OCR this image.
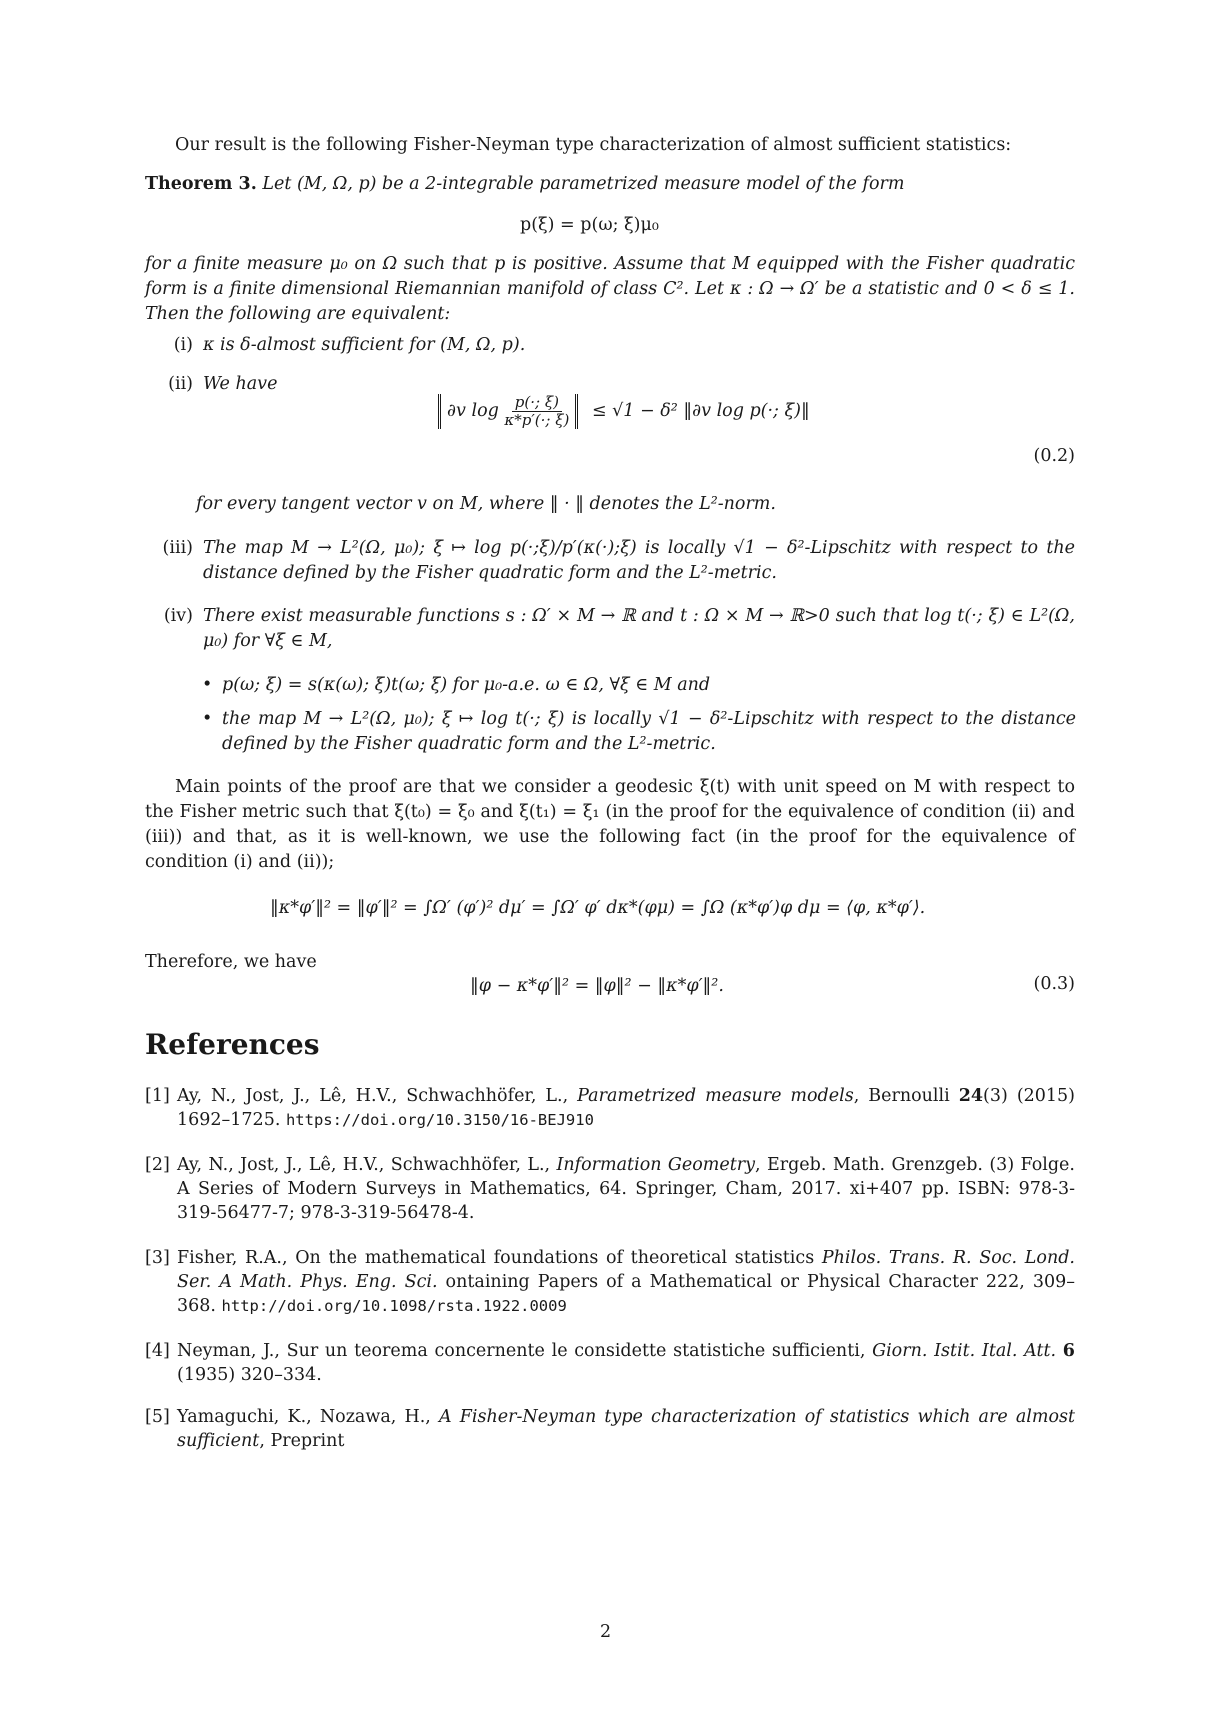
Our result is the following Fisher-Neyman type characterization of almost sufficient statistics:
Theorem 3. Let (M, Ω, p) be a 2-integrable parametrized measure model of the form
p(ξ) = p(ω; ξ)μ₀
for a finite measure μ₀ on Ω such that p is positive. Assume that M equipped with the Fisher quadratic form is a finite dimensional Riemannian manifold of class C². Let κ : Ω → Ω′ be a statistic and 0 < δ ≤ 1. Then the following are equivalent:
(i) κ is δ-almost sufficient for (M, Ω, p).
(ii) We have
∂v $\log \frac{p(\cdot; \xi)}{\kappa*p'(\cdot; \xi)} \le √1 - \delta^2$ ‖∂v log p(·; ξ)‖
(0.2)
for every tangent vector v on M, where ‖ · ‖ denotes the L²-norm.
(iii) The map M → L²(Ω, μ₀); ξ ↦ log p(·;ξ)/p′(κ(·);ξ) is locally √1 − δ²-Lipschitz with respect to the distance defined by the Fisher quadratic form and the L²-metric.
(iv) There exist measurable functions s : Ω′ × M → ℝ and t : Ω × M → ℝ>0 such that log t(·; ξ) ∈ L²(Ω, μ₀) for ∀ξ ∈ M,
• p(ω; ξ) = s(κ(ω); ξ)t(ω; ξ) for μ₀-a.e. ω ∈ Ω, ∀ξ ∈ M and
• the map M → L²(Ω, μ₀); ξ ↦ log t(·; ξ) is locally √1 − δ²-Lipschitz with respect to the distance defined by the Fisher quadratic form and the L²-metric.
Main points of the proof are that we consider a geodesic ξ(t) with unit speed on M with respect to the Fisher metric such that ξ(t₀) = ξ₀ and ξ(t₁) = ξ₁ (in the proof for the equivalence of condition (ii) and (iii)) and that, as it is well-known, we use the following fact (in the proof for the equivalence of condition (i) and (ii));
‖κ*φ′‖² = ‖φ′‖² = ∫Ω′ (φ′)² dμ′ = ∫Ω′ φ′ dκ*(φμ) = ∫Ω (κ*φ′)φ dμ = ⟨φ, κ*φ′⟩.
Therefore, we have
‖φ − κ*φ′‖² = ‖φ‖² − ‖κ*φ′‖².	(0.3)
References
[1] Ay, N., Jost, J., Lê, H.V., Schwachhöfer, L., Parametrized measure models, Bernoulli 24(3) (2015) 1692–1725. https://doi.org/10.3150/16-BEJ910
[2] Ay, N., Jost, J., Lê, H.V., Schwachhöfer, L., Information Geometry, Ergeb. Math. Grenzgeb. (3) Folge. A Series of Modern Surveys in Mathematics, 64. Springer, Cham, 2017. xi+407 pp. ISBN: 978-3-319-56477-7; 978-3-319-56478-4.
[3] Fisher, R.A., On the mathematical foundations of theoretical statistics Philos. Trans. R. Soc. Lond. Ser. A Math. Phys. Eng. Sci. ontaining Papers of a Mathematical or Physical Character 222, 309–368. http://doi.org/10.1098/rsta.1922.0009
[4] Neyman, J., Sur un teorema concernente le considette statistiche sufficienti, Giorn. Istit. Ital. Att. 6 (1935) 320–334.
[5] Yamaguchi, K., Nozawa, H., A Fisher-Neyman type characterization of statistics which are almost sufficient, Preprint
2
